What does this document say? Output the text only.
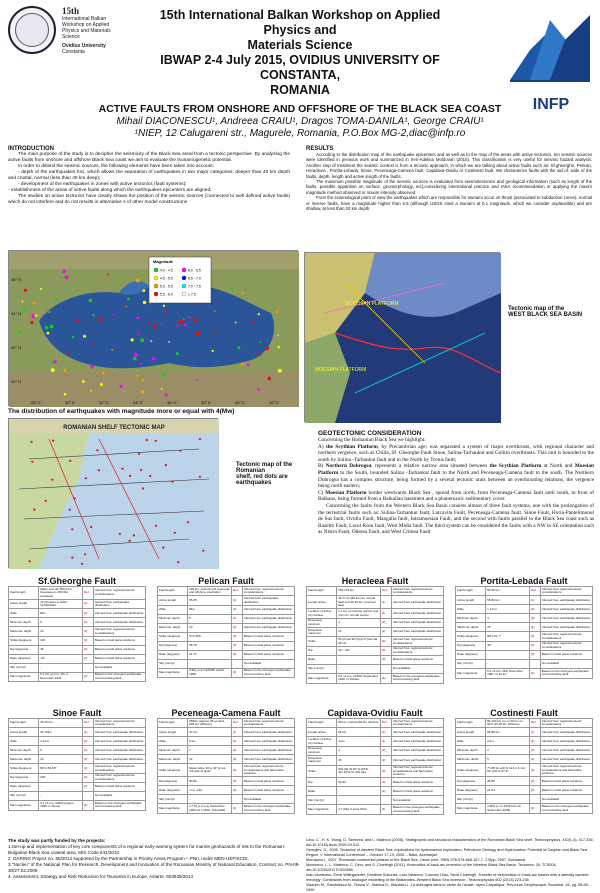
15th
International Balkan
Workshop on Applied
Physics and Materials
Science
Ovidius University
Constanta
15th International Balkan Workshop on Applied Physics and
Materials Science
IBWAP 2-4 July 2015, OVIDIUS UNIVERSITY OF CONSTANTA,
ROMANIA
INFP
ACTIVE FAULTS FROM ONSHORE AND OFFSHORE OF THE BLACK SEA COAST
Mihail DIACONESCU¹, Andreea CRAIU¹, Dragos TOMA-DANILA¹, George CRAIU¹
¹NIEP, 12 Calugareni str., Magurele, Romania, P.O.Box MG-2,diac@infp.ro
INTRODUCTION
The main purpose of the study is to decipher the seismicity of the Black Sea areal from a tectonic perspective. By analyzing the active faults from onshore and offshore Black Sea coast we aim to evaluate the tsunamogenetic potential.
In order to delimit the seismic sources, the following elements have been taken into account:
- depth of the earthquakes foci, which allows the separation of earthquakes in two major categories: deeper than 40 km depth and crustal, normal (less than 40 km deep);
- development of the earthquakes in zones with active tectonics (fault systems);
- establishment of the areas of active faults along which the earthquakes epicenters are aligned;
The studies on active tectonics have clearly shown the position of the seismic sources (connected to well defined active faults) which do not interfere and do not results in alternative s of other model constructions
RESULTS
According to the distribution map of the earthquake epicenters and as well as to the map of the areas with active tectonics, ten seismic sources were identified in previous work and summarized in Iren-Adelina Moldovan (2015). This classification is very useful for seismic hazard analysis. Another step of treatment the seismic context is from a tectonic approach, in which we are talking about active faults such as: Sf.gheorghe, Pelican, Heracleea , Portita-Lebada, Sinoe, Peceneaga-Camena fault, Capidava-Ovidiu or Costinesti fault. We characterize faults with the aid of: wide of the faults, depth, length and active length of the faults.
The maximum possible magnitude of the seismic sources is evaluated from seismotectonics and geological information (such as length of the faults, possible apparition on surface, geomorphology, etc),considering international practice and IAEA recommendation or applying the maxim magnitude method observed or maxim intensity observed.
From the seismological point of view the earthquakes which are responsible for tsunami occur on thrust (associated to subduction zones), normal or inverse faults, have a magnitude higher than 6.5 (although USGS cited a tsunami at 5.1 magnitude, which we consider unplausible) and are shallow, at less than 20 km depth.
Magnitude
4.0 - 4.5
4.5 - 5.0
5.0 - 5.5
5.5 - 6.0
6.0 - 6.5
6.5 - 7.0
7.0 - 7.5
≥ 7.5
46° N
44° N
42° N
40° N
28° E	30° E	32° E	34° E	36° E	38° E	40° E	42° E
The distribution of earthquakes with magnitude more or equal with 4(Mw)
SCYTHIAN PLATFORM
MOESIAN PLATFORM
Tectonic map of the
WEST BLACK SEA BASIN
ROMANIAN SHELF TECTONIC MAP
Tectonic map of the
Romanian
shelf, red dots are
earthquakes
GEOTECTONIC CONSIDERATION
Concerning the Romanian Black Sea we highlight:
A) the Scythian Platform, by Precambrian age; was separated a system of major overthrusts, with regional character and northern vergence, such as Chilia, Sf. Gheorghe Fault Sinoe, Sulina-Tarhankut and Golitin overthrusts. This unit is bounded to the south by Sulina -Tarhankut fault and to the North by Trotus fault;
B) Northern Dobrogea, represents a relative narrow area situated between the Scythian Platform at North and Moesian Platform to the South, bounded Sulina -Tarhankut fault to the North and Peceneaga-Camena fault to the south. The Northern Dobrogea has a complex structure, being formed by a several tectonic units between an overthrusting relations, the vergence being north eastern;
C) Moesian Platform border westwards Black Sea , spread from north, from Peceneaga-Camena fault until south, in front of Balkans, being formed from a Baikalian basement and a phanerozoic sedimentary cover.
Concerning the faults from the Western Black Sea Basin consists almost of three fault systems, one with the prolongation of the terrestrial faults such as: Sulina-Tarhankut fault, Lutcavita Fault, Peceneaga-Camena fault, Sinoe Fault, Horia-Pantelimonul de Sus fault, Ovidiu Fault, Mangalia fault, Intramoesian Fault, and the second with faults parallel to the Black Sea coast such as Razelm Fault, Lacul Rosu fault, West Midia fault. The third system can be considered the faults with a NW to SE orientation such as Nistru Fault, Odessa Fault, and West Crimea Fault
Sf.Gheorghe Fault
Fault length	Slider and slip [50] from Caucasus to 150 Ma southeast	Ref	Inferred from regional tectonic considerations
Active length	70 (Simplex in Gdivi-Lezhi/Kalai)	[1]	Inferred from earthquakes distribution
Wide	8km	[2]	Inferred from earthquake distribution
Minimum depth	5	[2]	Inferred from earthquake distribution
Maximum depth	13	[2]	Inferred from regional tectonic considerations
Strike (degrees)	120	[3]	Based on fault plane solutions
Dip (degrees)	45	[3]	Based on fault plane solutions
Rake (degrees)	-90	[3]	Based on fault plane solutions
Slip (mm/yr)	-		Not available
Max magnitude	5.2 (M_w) (no. 45), 2 December 1941	[4]	Based on the strongest earthquake occurred along fault
Pelican Fault
Fault length	125 km, assuming 8 segments and offshore orientation	Ref	Inferred from regional tectonic considerations
Active length	55-65	[1]	Inferred from earthquakes distribution
Wide	8km	[2]	Inferred from earthquake distribution
Minimum depth	5	[2]	Inferred from earthquake distribution
Maximum depth	10	[2]	Inferred from earthquake distribution
Strike (degrees)	ST2-265	[3]	Based on fault plane solutions
Dip (degrees)	68-78	[3]	Based on fault plane solutions
Rake (degrees)	21-71	[3]	Based on fault plane solutions
Slip (mm/yr)	-		Not available
Max magnitude	5.9M_w (no.516)25 march 1988	[4]	Based on the strongest earthquake occurred along fault
Heracleea Fault
Fault length	150-175 km	Ref	Inferred from regional tectonic considerations
Length active	46-77 km(60 km) for normal fault and 25-40 km reversed fault	[1]	Inferred from earthquake distribution
Location of active (or) surface	2-7 km on reverse portion and 4 km for normal portion	[1]	Inferred from earthquake distribution
Dimension minimum	4	[2]	Inferred from earthquake distribution
Dimension maximum	13	[2]	Inferred from earthquake distribution
Strike	50 (thrust 90°C)(u)-2°(normal 90°-0)	[3]	Inferred from regional tectonic considerations
Dip	30° - 60°	[3]	Inferred from regional tectonic considerations
Rake	-	[3]	Based on fault plane solutions
Slip (mm/yr)	-		Not available
Max magnitude	6.2 ml (no. 21300) September 1949, in Vidraru	[4]	Based on the strongest earthquake occurred along fault
Portita-Lebada Fault
Fault length	55-65 km	Ref	Inferred from regional tectonic considerations
Active length	55-80 km	[1]	Inferred from earthquake distribution
Wide	1-2 Km	[2]	Inferred from earthquake distribution
Minimum depth	4	[2]	Inferred from earthquake distribution
Maximum depth	25	[2]	Inferred from earthquake distribution
Strike (degrees)	NP1-51,7°	[3]	Inferred from regional tectonic considerations
Dip (degrees)	40°	[3]	Inferred from regional tectonic considerations
Rake (degrees)	-	[3]	Based on fault plane solutions
Slip (mm/yr)	-		Not available
Max magnitude	5.2 ml (no. 264) November 1981, in 10 km	[4]	Based on the strongest earthquake occurred along fault
Sinoe Fault
Fault length	35-40 km	Ref	Inferred from regional tectonic considerations
Active length	35-70km	[1]	Inferred from earthquake distribution
Wide	1-2 km	[2]	Inferred from earthquake distribution
Minimum depth	5	[2]	Inferred from earthquake distribution
Maximum depth	13	[2]	Inferred from earthquake distribution
Strike (degrees)	NP1=53-65°	[3]	Inferred from regional tectonic considerations
Dip (degrees)	10P	[3]	Inferred from regional tectonic considerations
Rake (degrees)	-	[3]	Based on fault plane solutions
Slip (mm/yr)	-		Not available
Max magnitude	4.1 ml (no. 19620 August 1998, in Sinoe)	[4]	Based on the strongest earthquake occurred along fault
Peceneaga-Camena Fault
Fault length	265km (approx 25 on land; 235 km offshore)	Ref	Inferred from regional tectonic considerations
Active length	47 km	[1]	Inferred from earthquake distribution
Wide	5 km	[2]	Inferred from earthquake distribution
Minimum depth	7	[2]	Inferred from earthquake distribution
Maximum depth	13	[2]	Inferred from earthquake distribution
Strike (degrees)	Mean strike 30 to 40° E (ca 1/4 side of fault)	[3]	Inferred from regional tectonic considerations and fault plane solutions
Dip (degrees)	80-90	[3]	Based on fault plane solutions
Rake (degrees)	-1 to -160	[3]	Based on fault plane solutions
Slip (mm/yr)	-		Not available
Max magnitude	4.7 M_w (no.1) September 2000 (of 1 MSK; Tulcea/Sf)	[4]	Based on the strongest earthquake occurred along fault
Capidava-Ovidiu Fault
Fault length	80 km onshore/30 km offshore	Ref	Inferred from regional tectonic considerations
Length active	64 km	[1]	Inferred from earthquake distribution
Location of active (or) surface	4 km	[1]	Inferred from earthquake distribution
Dimension minimum	4	[2]	Inferred from earthquake distribution
Dimension maximum	45	[2]	Inferred from earthquake distribution
Strike	NW-SE (N 60° E-80°E, 30°-40°E for SW dip)	[3]	Inferred from regional tectonic considerations and fault plane solutions
Dip	60-90	[3]	Based on fault plane solutions
Rake	-	[3]	Based on fault plane solutions
Slip (mm/yr)	-		Not available
Max magnitude	4.7 (ML) 3 June 2013	[4]	Based on the strongest earthquake occurred along fault
Costinesti Fault
Fault length	85-120 km (on nl 20 km on land, 65-90 km offshore)	Ref	Inferred from regional tectonic considerations
Active length	55-85 km	[1]	Inferred from earthquake distribution
Wide	3 km	[2]	Inferred from earthquake distribution
Minimum depth	3	[2]	Inferred from earthquake distribution
Maximum depth	5	[2]	Inferred from earthquake distribution
Strike (degrees)	77-86 for with N 121.3, N 42-63, with N 67.3°	[3]	Inferred from regional tectonic considerations and fault plane solutions
Dip (degrees)	35-90	[3]	Based on fault plane solutions
Rake (degrees)	21-54	[3]	Based on fault plane solutions
Slip (mm/yr)	-		Not available
Max magnitude	3.8ML (1 ml 2009 Feb 13 September 2008)	[4]	Based on the strongest earthquake occurred along fault
The study was partly funded by the projects:
1.Set-up and implementation of key core components of a regional early-warning system for marine geohazards of risk to the Romanian-Bulgarian Black Sea coastal area. MIS Code 641/2010.
2. DARING Project no. 69/2014 supported by the Partnership in Priority Areas Program – PNII, under MEN-UEFISCDI.
3."Nucleu" of the National Plan for Research, Development and Innovation of the Romanian Ministry of National Education, Contract no. PN-09-30/27.02.2009
4. Assessment, Strategy and Risk Reduction for Tsunamis in Europe, Astarte, 603839/2013
Dinu, C., H. K. Wong, D. Tambrea, and L. Matenco (2005), Stratigraphic and structural characteristics of the Romanian Black Sea shelf, Tectonophysics, 410(1-4), 417-435, doi:10.1016/j.tecto.2005.04.012.
Georgiev, G., 2005. Tectonics of western Black Sea: implications for hydrocarbon exploration, Petroleum Geology and Hydrocarbon Potential of Caspian and Black Sea Region, V International Conference – October 17-19, 2005 – Baku, Azerbaijan.
Moroșanu I., 2007. Romanian continental plateau of the Black Sea, Oscar print, ISBN 978-973-668-167-7, 178pp, 2007, Bucharest
Munteanu, I., L. Matenco, C. Dinu, and S. Cloetingh (2011), Kinematics of back-arc inversion of the Western Black Sea Basin, Tectonics, 30, TC5004, doi:10.1029/2011TC002865.
Ioan Munteanu, Ernst Willingshofer, Dimitrios Sokoutis, Liviu Matenco, Corneliu Dinu, Sierd Cloetingh. Transfer of deformation in back-arc basins with a laterally variable rheology: Constraints from analogue modelling of the Balkanides–Western Black Sea inversion , Tectonophysics 602 (2013) 223-236
Visarion M., Sandulescu M., Rosca V., Stanica D., Atanasiu L. La dobrogea dans le cadre de l'avant- rayes Carpatique, Rev.roum.Geophysique, Bucarest, 34, pg. 55-65, 1990
